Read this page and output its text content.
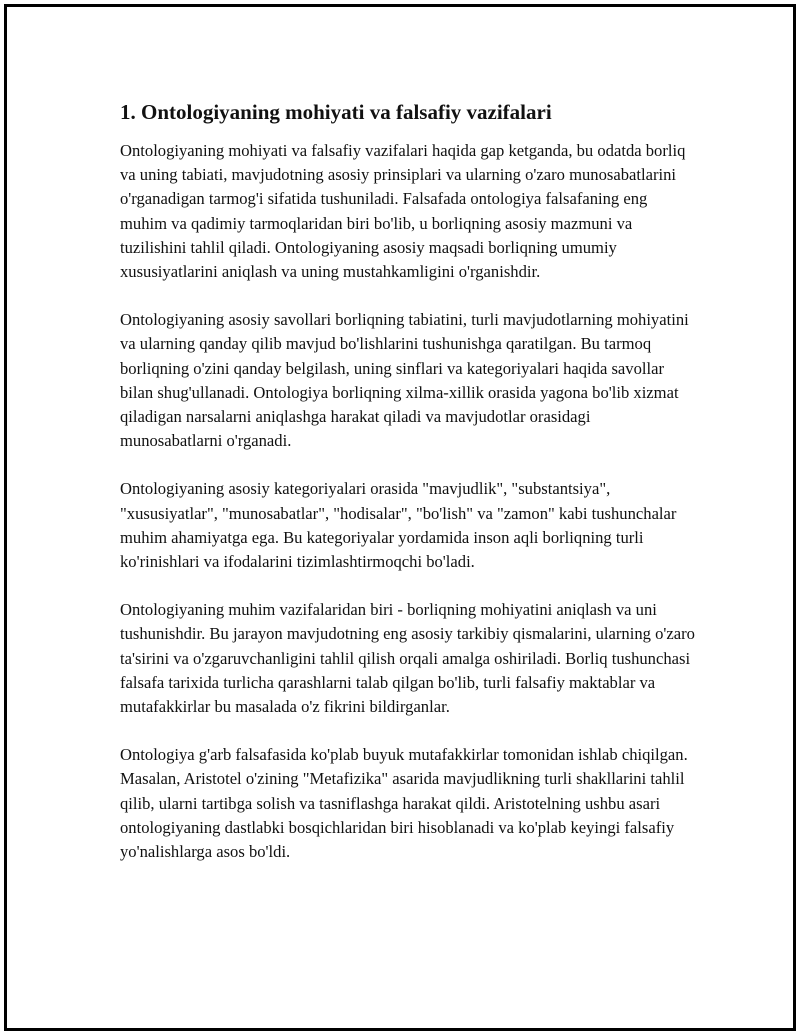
1. Ontologiyaning mohiyati va falsafiy vazifalari

Ontologiyaning mohiyati va falsafiy vazifalari haqida gap ketganda, bu odatda borliq va uning tabiati, mavjudotning asosiy prinsiplari va ularning o'zaro munosabatlarini o'rganadigan tarmog'i sifatida tushuniladi. Falsafada ontologiya falsafaning eng muhim va qadimiy tarmoqlaridan biri bo'lib, u borliqning asosiy mazmuni va tuzilishini tahlil qiladi. Ontologiyaning asosiy maqsadi borliqning umumiy xususiyatlarini aniqlash va uning mustahkamligini o'rganishdir.

Ontologiyaning asosiy savollari borliqning tabiatini, turli mavjudotlarning mohiyatini va ularning qanday qilib mavjud bo'lishlarini tushunishga qaratilgan. Bu tarmoq borliqning o'zini qanday belgilash, uning sinflari va kategoriyalari haqida savollar bilan shug'ullanadi. Ontologiya borliqning xilma-xillik orasida yagona bo'lib xizmat qiladigan narsalarni aniqlashga harakat qiladi va mavjudotlar orasidagi munosabatlarni o'rganadi.

Ontologiyaning asosiy kategoriyalari orasida "mavjudlik", "substantsiya", "xususiyatlar", "munosabatlar", "hodisalar", "bo'lish" va "zamon" kabi tushunchalar muhim ahamiyatga ega. Bu kategoriyalar yordamida inson aqli borliqning turli ko'rinishlari va ifodalarini tizimlashtirmoqchi bo'ladi.

Ontologiyaning muhim vazifalaridan biri - borliqning mohiyatini aniqlash va uni tushunishdir. Bu jarayon mavjudotning eng asosiy tarkibiy qismalarini, ularning o'zaro ta'sirini va o'zgaruvchanligini tahlil qilish orqali amalga oshiriladi. Borliq tushunchasi falsafa tarixida turlicha qarashlarni talab qilgan bo'lib, turli falsafiy maktablar va mutafakkirlar bu masalada o'z fikrini bildirganlar.

Ontologiya g'arb falsafasida ko'plab buyuk mutafakkirlar tomonidan ishlab chiqilgan. Masalan, Aristotel o'zining "Metafizika" asarida mavjudlikning turli shakllarini tahlil qilib, ularni tartibga solish va tasniflashga harakat qildi. Aristotelning ushbu asari ontologiyaning dastlabki bosqichlaridan biri hisoblanadi va ko'plab keyingi falsafiy yo'nalishlarga asos bo'ldi.
